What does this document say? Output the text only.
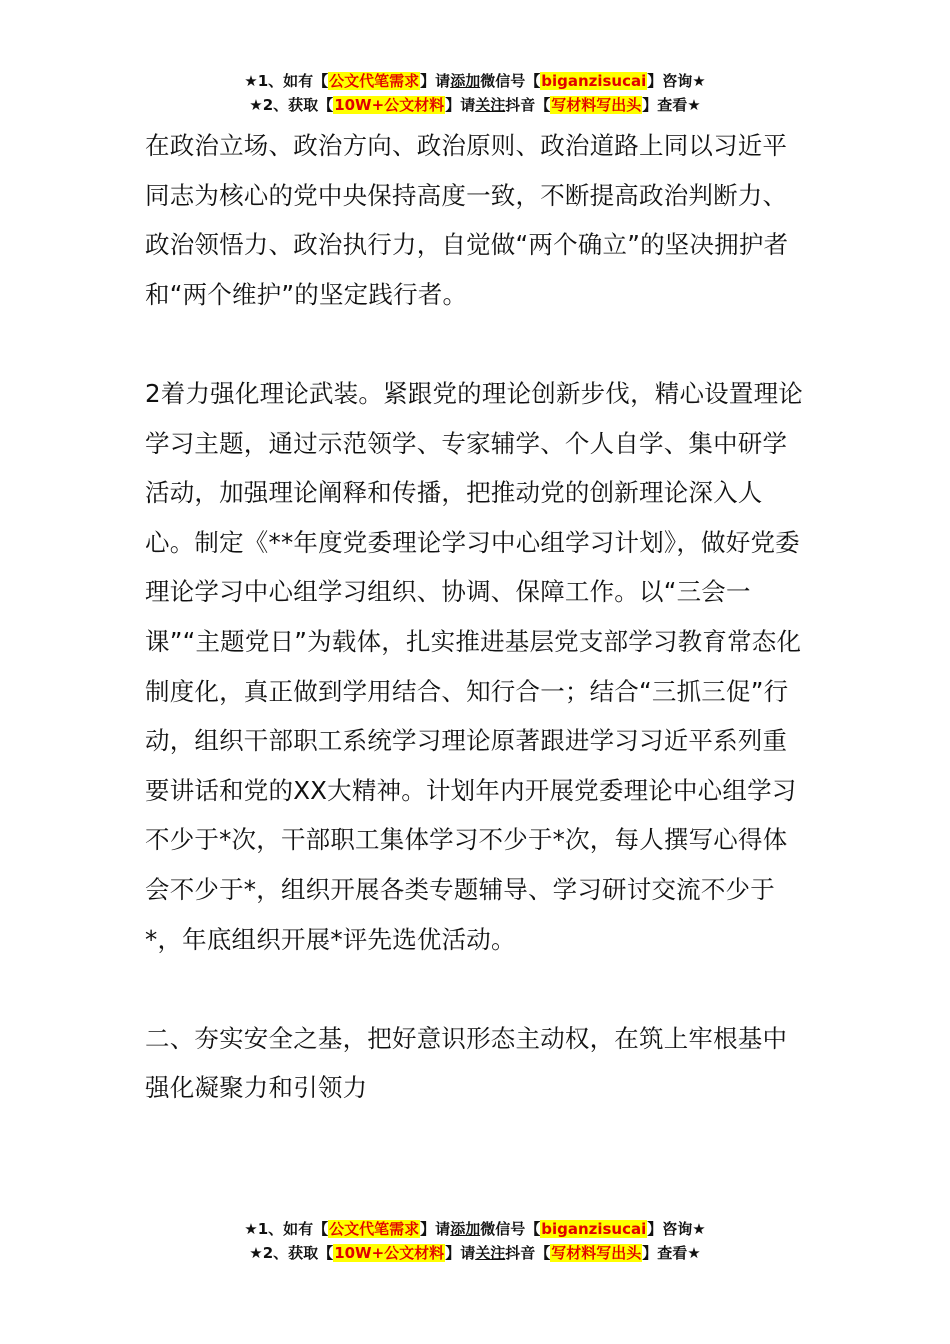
★1、如有【公文代笔需求】请添加微信号【biganzisucai】咨询★
★2、获取【10W+公文材料】请关注抖音【写材料写出头】查看★

在政治立场、政治方向、政治原则、政治道路上同以习近平同志为核心的党中央保持高度一致，不断提高政治判断力、政治领悟力、政治执行力，自觉做“两个确立”的坚决拥护者和“两个维护”的坚定践行者。

2着力强化理论武装。紧跟党的理论创新步伐，精心设置理论学习主题，通过示范领学、专家辅学、个人自学、集中研学活动，加强理论阐释和传播，把推动党的创新理论深入人心。制定《**年度党委理论学习中心组学习计划》，做好党委理论学习中心组学习组织、协调、保障工作。以“三会一课”“主题党日”为载体，扎实推进基层党支部学习教育常态化制度化，真正做到学用结合、知行合一；结合“三抓三促”行动，组织干部职工系统学习理论原著跟进学习习近平系列重要讲话和党的XX大精神。计划年内开展党委理论中心组学习不少于*次，干部职工集体学习不少于*次，每人撰写心得体会不少于*，组织开展各类专题辅导、学习研讨交流不少于*，年底组织开展*评先选优活动。

二、夯实安全之基，把好意识形态主动权，在筑上牢根基中强化凝聚力和引领力

★1、如有【公文代笔需求】请添加微信号【biganzisucai】咨询★
★2、获取【10W+公文材料】请关注抖音【写材料写出头】查看★
